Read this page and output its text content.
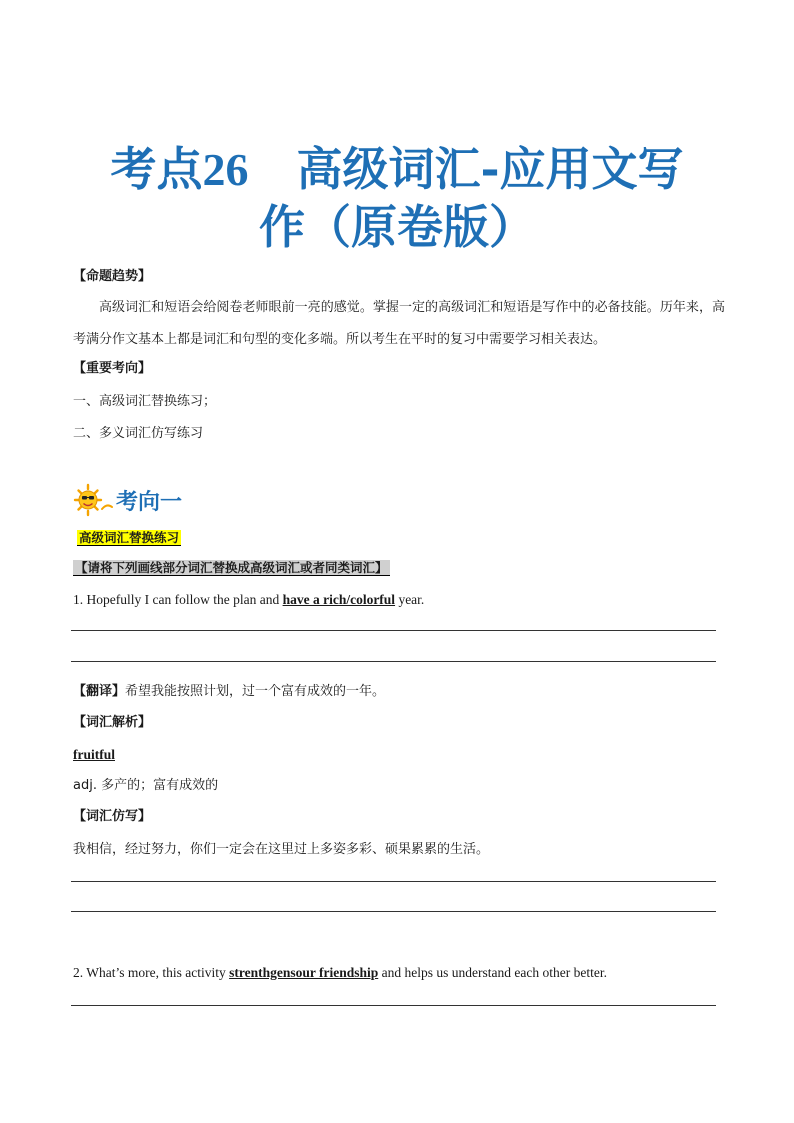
考点26 高级词汇-应用文写
作（原卷版）
【命题趋势】
高级词汇和短语会给阅卷老师眼前一亮的感觉。掌握一定的高级词汇和短语是写作中的必备技能。历年来，高考满分作文基本上都是词汇和句型的变化多端。所以考生在平时的复习中需要学习相关表达。
【重要考向】
一、高级词汇替换练习；
二、多义词汇仿写练习
考向一
高级词汇替换练习
【请将下列画线部分词汇替换成高级词汇或者同类词汇】
1. Hopefully I can follow the plan and have a rich/colorful year.
【翻译】希望我能按照计划，过一个富有成效的一年。
【词汇解析】
fruitful
adj. 多产的；富有成效的
【词汇仿写】
我相信，经过努力，你们一定会在这里过上多姿多彩、硕果累累的生活。
2. What’s more, this activity strenthgensour friendship and helps us understand each other better.
